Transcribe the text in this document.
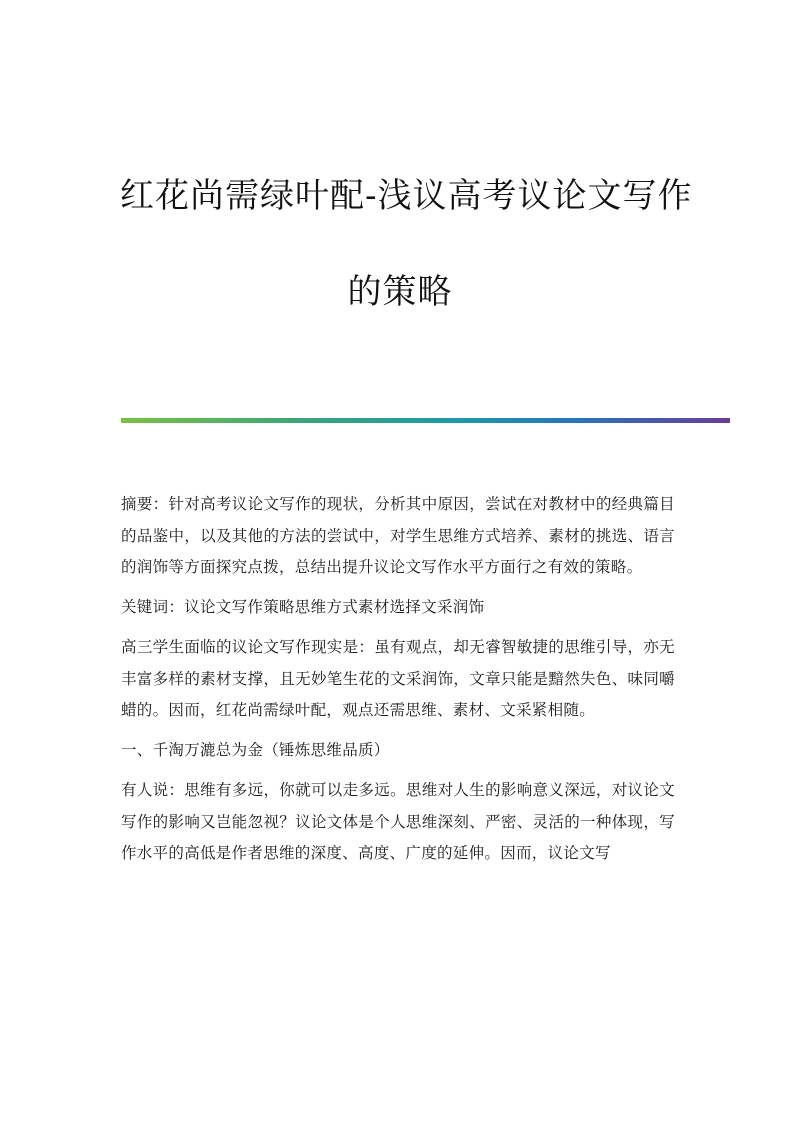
红花尚需绿叶配-浅议高考议论文写作
的策略

摘要：针对高考议论文写作的现状，分析其中原因，尝试在对教材中的经典篇目的品鉴中，以及其他的方法的尝试中，对学生思维方式培养、素材的挑选、语言的润饰等方面探究点拨，总结出提升议论文写作水平方面行之有效的策略。

关键词：议论文写作策略思维方式素材选择文采润饰

高三学生面临的议论文写作现实是：虽有观点，却无睿智敏捷的思维引导，亦无丰富多样的素材支撑，且无妙笔生花的文采润饰，文章只能是黯然失色、味同嚼蜡的。因而，红花尚需绿叶配，观点还需思维、素材、文采紧相随。

一、千淘万漉总为金（锤炼思维品质）

有人说：思维有多远，你就可以走多远。思维对人生的影响意义深远，对议论文写作的影响又岂能忽视？议论文体是个人思维深刻、严密、灵活的一种体现，写作水平的高低是作者思维的深度、高度、广度的延伸。因而，议论文写
